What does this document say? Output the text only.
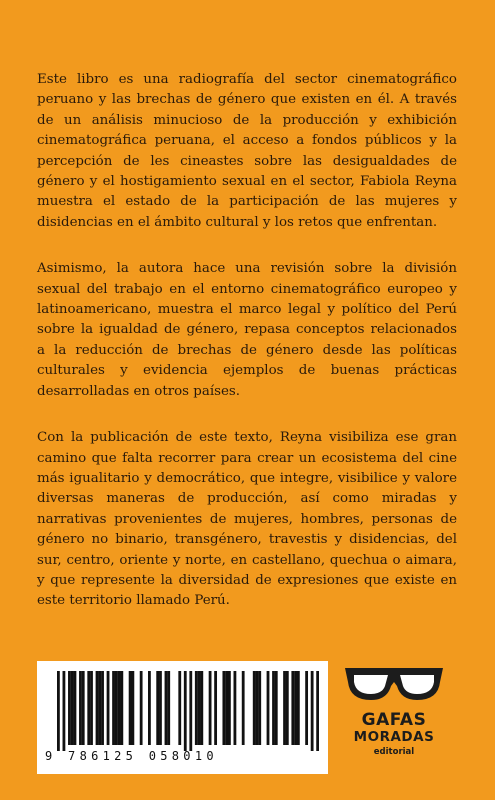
Este libro es una radiografía del sector cinematográfico peruano y las brechas de género que existen en él. A través de un análisis minucioso de la producción y exhibición cinematográfica peruana, el acceso a fondos públicos y la percepción de les cineastes sobre las desigualdades de género y el hostigamiento sexual en el sector, Fabiola Reyna muestra el estado de la participación de las mujeres y disidencias en el ámbito cultural y los retos que enfrentan.

Asimismo, la autora hace una revisión sobre la división sexual del trabajo en el entorno cinematográfico europeo y latinoamericano, muestra el marco legal y político del Perú sobre la igualdad de género, repasa conceptos relacionados a la reducción de brechas de género desde las políticas culturales y evidencia ejemplos de buenas prácticas desarrolladas en otros países.

Con la publicación de este texto, Reyna visibiliza ese gran camino que falta recorrer para crear un ecosistema del cine más igualitario y democrático, que integre, visibilice y valore diversas maneras de producción, así como miradas y narrativas provenientes de mujeres, hombres, personas de género no binario, transgénero, travestis y disidencias, del sur, centro, oriente y norte, en castellano, quechua o aimara, y que represente la diversidad de expresiones que existe en este territorio llamado Perú.

9 786125 058010
GAFAS
MORADAS
editorial
